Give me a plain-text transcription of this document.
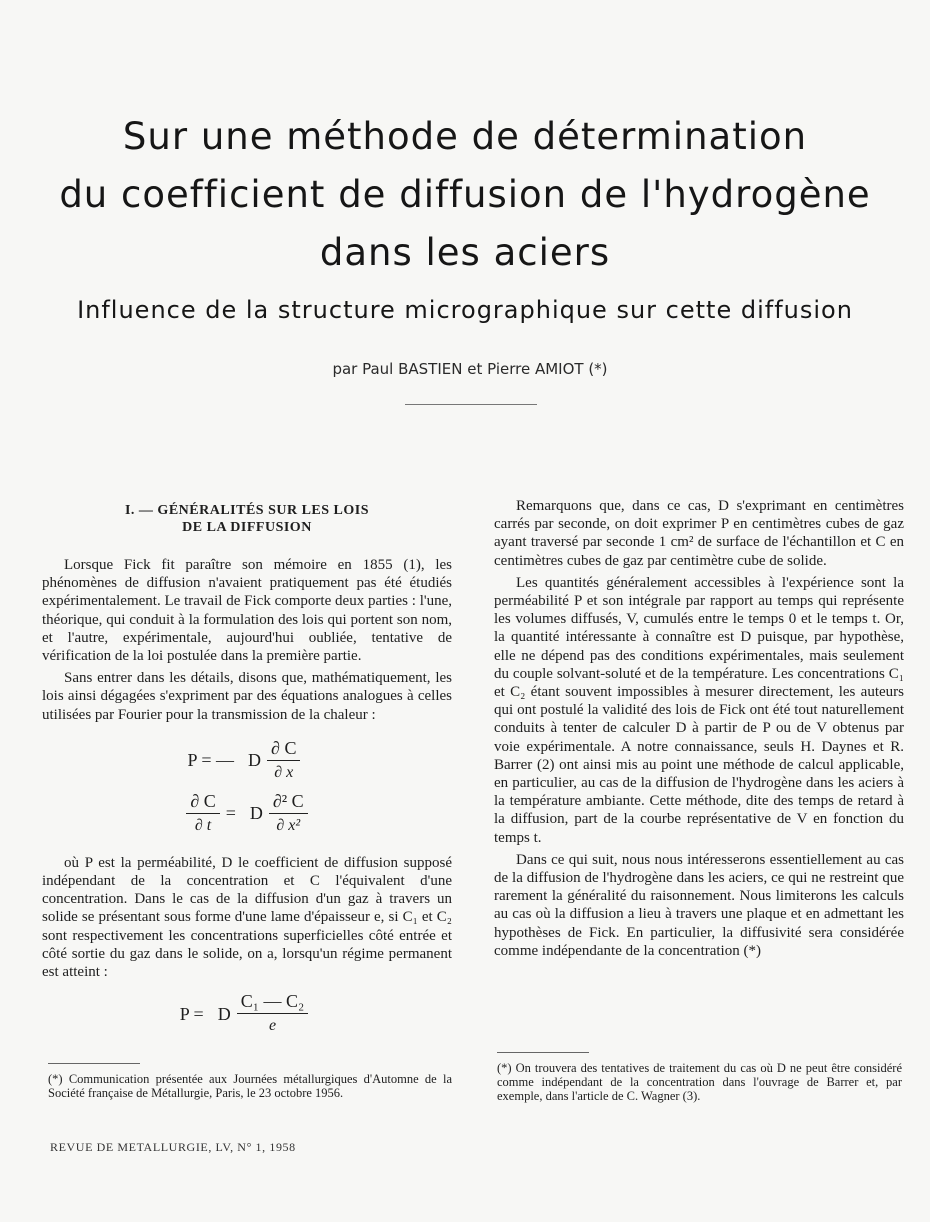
Sur une méthode de détermination
du coefficient de diffusion de l'hydrogène
dans les aciers
Influence de la structure micrographique sur cette diffusion
par Paul BASTIEN et Pierre AMIOT (*)
I. — GÉNÉRALITÉS SUR LES LOIS
DE LA DIFFUSION

Lorsque Fick fit paraître son mémoire en 1855 (1), les phénomènes de diffusion n'avaient pratiquement pas été étudiés expérimentalement. Le travail de Fick comporte deux parties : l'une, théorique, qui conduit à la formulation des lois qui portent son nom, et l'autre, expérimentale, aujourd'hui oubliée, tentative de vérification de la loi postulée dans la première partie.

Sans entrer dans les détails, disons que, mathématiquement, les lois ainsi dégagées s'expriment par des équations analogues à celles utilisées par Fourier pour la transmission de la chaleur :

P = — D $\frac{\partial C}{\partial x}$
$\frac{\partial C}{\partial t} = D \frac{\text{∂² C}}{\text{∂ x²}}$

où P est la perméabilité, D le coefficient de diffusion supposé indépendant de la concentration et C l'équivalent d'une concentration. Dans le cas de la diffusion d'un gaz à travers un solide se présentant sous forme d'une lame d'épaisseur e, si C₁ et C₂ sont respectivement les concentrations superficielles côté entrée et côté sortie du gaz dans le solide, on a, lorsqu'un régime permanent est atteint :

P = D $\frac{\text{C₁ — C₂}}{e}$

(*) Communication présentée aux Journées métallurgiques d'Automne de la Société française de Métallurgie, Paris, le 23 octobre 1956.

Remarquons que, dans ce cas, D s'exprimant en centimètres carrés par seconde, on doit exprimer P en centimètres cubes de gaz ayant traversé par seconde 1 cm² de surface de l'échantillon et C en centimètres cubes de gaz par centimètre cube de solide.

Les quantités généralement accessibles à l'expérience sont la perméabilité P et son intégrale par rapport au temps qui représente les volumes diffusés, V, cumulés entre le temps 0 et le temps t. Or, la quantité intéressante à connaître est D puisque, par hypothèse, elle ne dépend pas des conditions expérimentales, mais seulement du couple solvant-soluté et de la température. Les concentrations C₁ et C₂ étant souvent impossibles à mesurer directement, les auteurs qui ont postulé la validité des lois de Fick ont été tout naturellement conduits à tenter de calculer D à partir de P ou de V obtenus par voie expérimentale. A notre connaissance, seuls H. Daynes et R. Barrer (2) ont ainsi mis au point une méthode de calcul applicable, en particulier, au cas de la diffusion de l'hydrogène dans les aciers à la température ambiante. Cette méthode, dite des temps de retard à la diffusion, part de la courbe représentative de V en fonction du temps t.

Dans ce qui suit, nous nous intéresserons essentiellement au cas de la diffusion de l'hydrogène dans les aciers, ce qui ne restreint que rarement la généralité du raisonnement. Nous limiterons les calculs au cas où la diffusion a lieu à travers une plaque et en admettant les hypothèses de Fick. En particulier, la diffusivité sera considérée comme indépendante de la concentration (*)

(*) On trouvera des tentatives de traitement du cas où D ne peut être considéré comme indépendant de la concentration dans l'ouvrage de Barrer et, par exemple, dans l'article de C. Wagner (3).

REVUE DE METALLURGIE, LV, N° 1, 1958
